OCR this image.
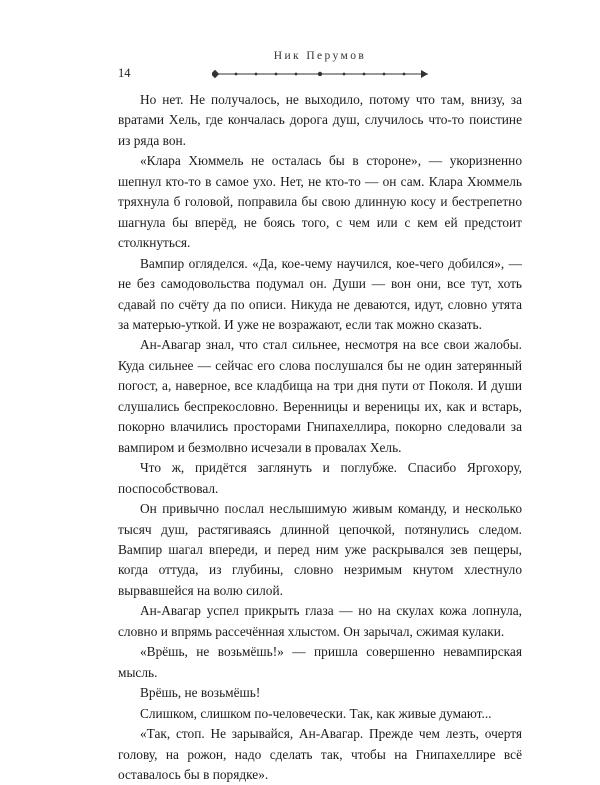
Ник Перумов
14

Но нет. Не получалось, не выходило, потому что там, внизу, за вратами Хель, где кончалась дорога душ, случилось что-то поистине из ряда вон.

«Клара Хюммель не осталась бы в стороне», — укоризненно шепнул кто-то в самое ухо. Нет, не кто-то — он сам. Клара Хюммель тряхнула б головой, поправила бы свою длинную косу и бестрепетно шагнула бы вперёд, не боясь того, с чем или с кем ей предстоит столкнуться.

Вампир огляделся. «Да, кое-чему научился, кое-чего добился», — не без самодовольства подумал он. Души — вон они, все тут, хоть сдавай по счёту да по описи. Никуда не деваются, идут, словно утята за матерью-уткой. И уже не возражают, если так можно сказать.

Ан-Авагар знал, что стал сильнее, несмотря на все свои жалобы. Куда сильнее — сейчас его слова послушался бы не один затерянный погост, а, наверное, все кладбища на три дня пути от Поколя. И души слушались беспрекословно. Веренницы и вереницы их, как и встарь, покорно влачились просторами Гнипахеллира, покорно следовали за вампиром и безмолвно исчезали в провалах Хель.

Что ж, придётся заглянуть и поглубже. Спасибо Яргохору, поспособствовал.

Он привычно послал неслышимую живым команду, и несколько тысяч душ, растягиваясь длинной цепочкой, потянулись следом. Вампир шагал впереди, и перед ним уже раскрывался зев пещеры, когда оттуда, из глубины, словно незримым кнутом хлестнуло вырвавшейся на волю силой.

Ан-Авагар успел прикрыть глаза — но на скулах кожа лопнула, словно и впрямь рассечённая хлыстом. Он зарычал, сжимая кулаки.

«Врёшь, не возьмёшь!» — пришла совершенно невампирская мысль.

Врёшь, не возьмёшь!

Слишком, слишком по-человечески. Так, как живые думают...

«Так, стоп. Не зарывайся, Ан-Авагар. Прежде чем лезть, очертя голову, на рожон, надо сделать так, чтобы на Гнипахеллире всё оставалось бы в порядке».
